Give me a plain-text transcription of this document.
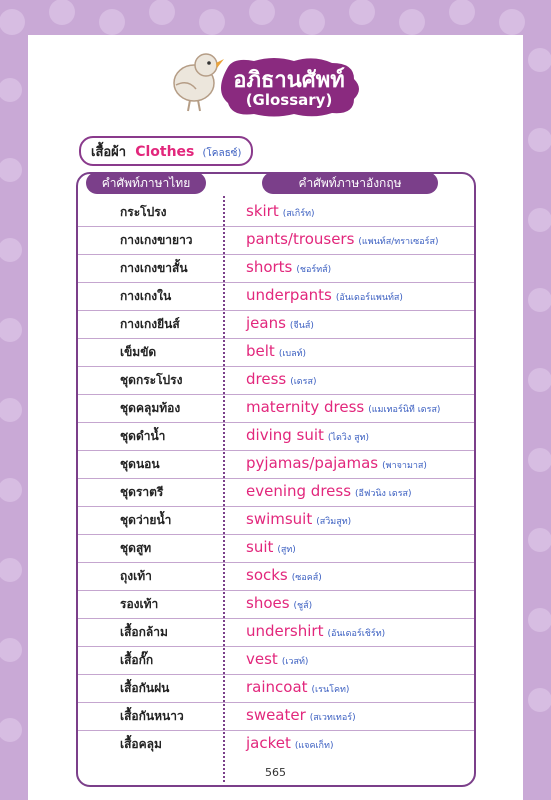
อภิธานศัพท์
(Glossary)
เสื้อผ้า Clothes (โคลธซ์)
คำศัพท์ภาษาไทย	คำศัพท์ภาษาอังกฤษ
กระโปรง	skirt (สเกิร์ท)
กางเกงขายาว	pants/trousers (แพนท์ส/ทราเซอร์ส)
กางเกงขาสั้น	shorts (ชอร์ทส์)
กางเกงใน	underpants (อันเดอร์แพนท์ส)
กางเกงยีนส์	jeans (จีนส์)
เข็มขัด	belt (เบลท์)
ชุดกระโปรง	dress (เดรส)
ชุดคลุมท้อง	maternity dress (แมเทอร์นิที เดรส)
ชุดดำน้ำ	diving suit (ไดวิง สูท)
ชุดนอน	pyjamas/pajamas (พาจามาส)
ชุดราตรี	evening dress (อีฟวนิง เดรส)
ชุดว่ายน้ำ	swimsuit (สวิมสูท)
ชุดสูท	suit (สูท)
ถุงเท้า	socks (ซอคส์)
รองเท้า	shoes (ชูส์)
เสื้อกล้าม	undershirt (อันเดอร์เชิร์ท)
เสื้อกั๊ก	vest (เวสท์)
เสื้อกันฝน	raincoat (เรนโคท)
เสื้อกันหนาว	sweater (สเวทเทอร์)
เสื้อคลุม	jacket (แจคเก็ท)
565
